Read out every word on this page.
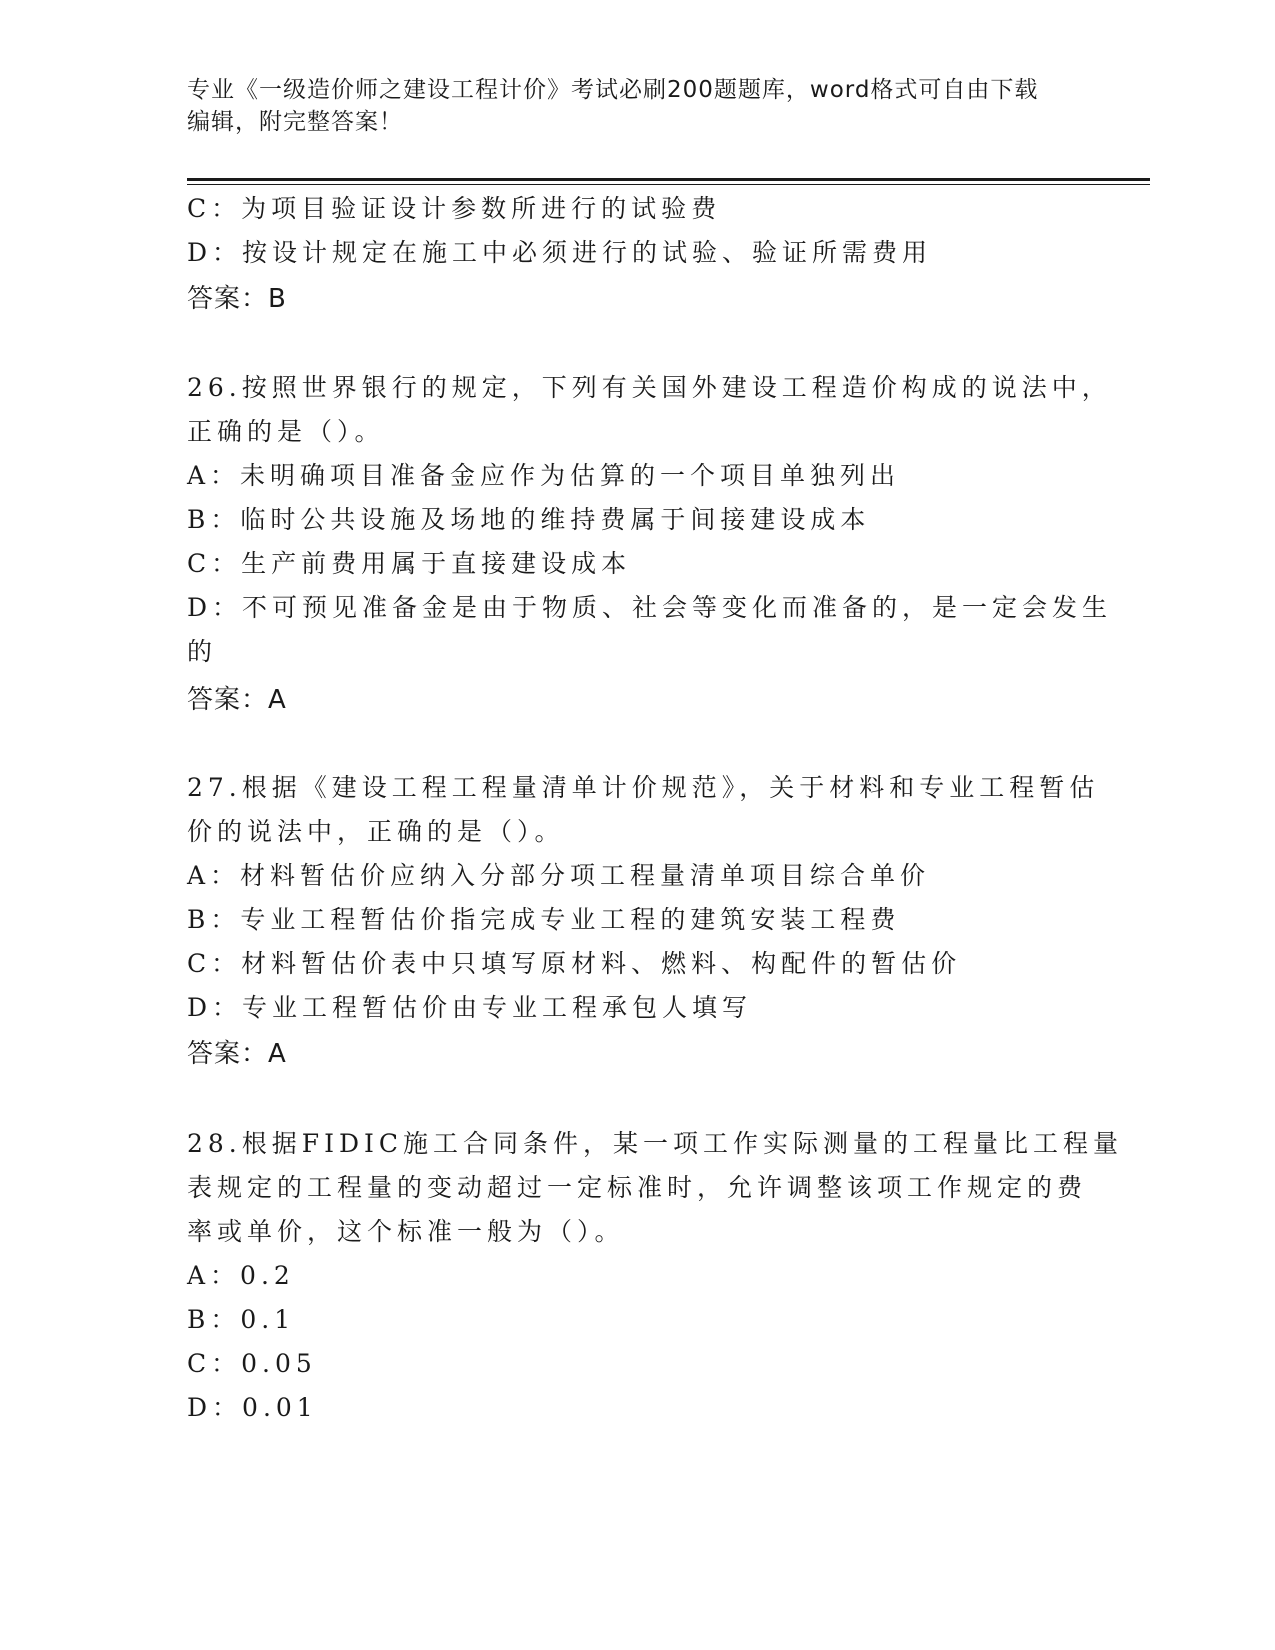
专业《一级造价师之建设工程计价》考试必刷200题题库，word格式可自由下载
编辑，附完整答案！
C：为项目验证设计参数所进行的试验费
D：按设计规定在施工中必须进行的试验、验证所需费用
答案：B
26.按照世界银行的规定，下列有关国外建设工程造价构成的说法中，
正确的是（）。
A：未明确项目准备金应作为估算的一个项目单独列出
B：临时公共设施及场地的维持费属于间接建设成本
C：生产前费用属于直接建设成本
D：不可预见准备金是由于物质、社会等变化而准备的，是一定会发生
的
答案：A
27.根据《建设工程工程量清单计价规范》，关于材料和专业工程暂估
价的说法中，正确的是（）。
A：材料暂估价应纳入分部分项工程量清单项目综合单价
B：专业工程暂估价指完成专业工程的建筑安装工程费
C：材料暂估价表中只填写原材料、燃料、构配件的暂估价
D：专业工程暂估价由专业工程承包人填写
答案：A
28.根据FIDIC施工合同条件，某一项工作实际测量的工程量比工程量
表规定的工程量的变动超过一定标准时，允许调整该项工作规定的费
率或单价，这个标准一般为（）。
A：0.2
B：0.1
C：0.05
D：0.01
